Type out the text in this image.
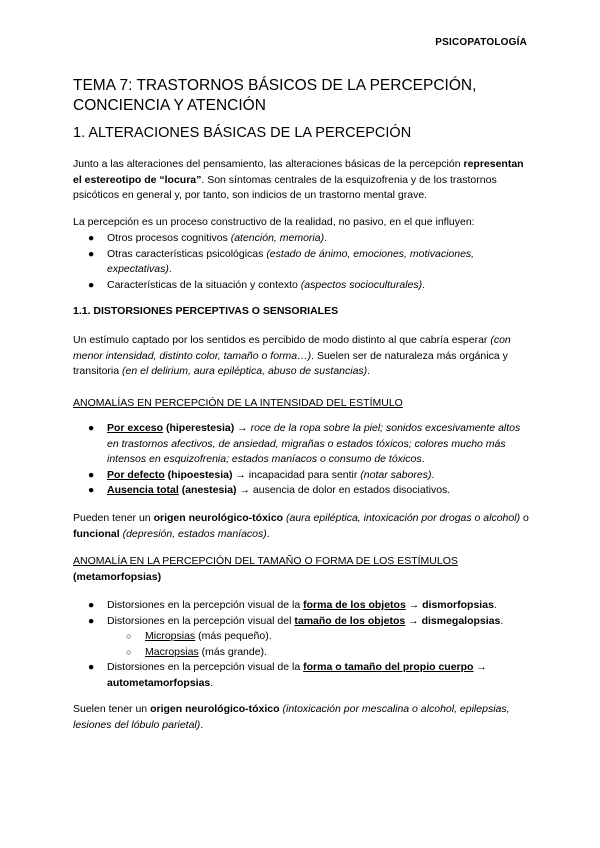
PSICOPATOLOGÍA
TEMA 7: TRASTORNOS BÁSICOS DE LA PERCEPCIÓN,
CONCIENCIA Y ATENCIÓN
1. ALTERACIONES BÁSICAS DE LA PERCEPCIÓN

Junto a las alteraciones del pensamiento, las alteraciones básicas de la percepción representan el estereotipo de “locura”. Son síntomas centrales de la esquizofrenia y de los trastornos psicóticos en general y, por tanto, son indicios de un trastorno mental grave.

La percepción es un proceso constructivo de la realidad, no pasivo, en el que influyen:

● Otros procesos cognitivos (atención, memoria).
● Otras características psicológicas (estado de ánimo, emociones, motivaciones, expectativas).
● Características de la situación y contexto (aspectos socioculturales).
1.1. DISTORSIONES PERCEPTIVAS O SENSORIALES

Un estímulo captado por los sentidos es percibido de modo distinto al que cabría esperar (con menor intensidad, distinto color, tamaño o forma…). Suelen ser de naturaleza más orgánica y transitoria (en el delirium, aura epiléptica, abuso de sustancias).

ANOMALÍAS EN PERCEPCIÓN DE LA INTENSIDAD DEL ESTÍMULO
● Por exceso (hiperestesia) → roce de la ropa sobre la piel; sonidos excesivamente altos en trastornos afectivos, de ansiedad, migrañas o estados tóxicos; colores mucho más intensos en esquizofrenia; estados maníacos o consumo de tóxicos.
● Por defecto (hipoestesia) → incapacidad para sentir (notar sabores).
● Ausencia total (anestesia) → ausencia de dolor en estados disociativos.

Pueden tener un origen neurológico-tóxico (aura epiléptica, intoxicación por drogas o alcohol) o funcional (depresión, estados maníacos).

ANOMALÍA EN LA PERCEPCIÓN DEL TAMAÑO O FORMA DE LOS ESTÍMULOS
(metamorfopsias)
● Distorsiones en la percepción visual de la forma de los objetos → dismorfopsias.
● Distorsiones en la percepción visual del tamaño de los objetos → dismegalopsias.
○ Micropsias (más pequeño).
○ Macropsias (más grande).
● Distorsiones en la percepción visual de la forma o tamaño del propio cuerpo → autometamorfopsias.

Suelen tener un origen neurológico-tóxico (intoxicación por mescalina o alcohol, epilepsias, lesiones del lóbulo parietal).
